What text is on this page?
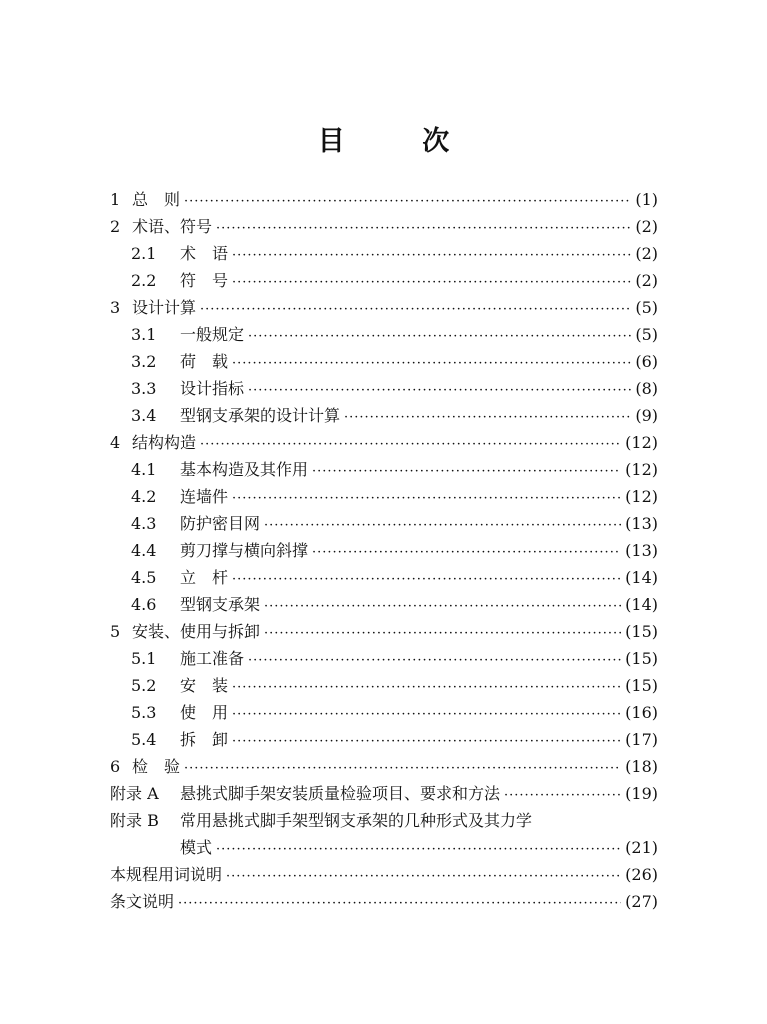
目 次
1 总　则 ·····	(1)
2 术语、符号 ·····	(2)
2.1	术　语 ·····	(2)
2.2	符　号 ·····	(2)
3 设计计算 ·····	(5)
3.1	一般规定 ·····	(5)
3.2	荷　载 ·····	(6)
3.3	设计指标 ·····	(8)
3.4	型钢支承架的设计计算 ·····	(9)
4 结构构造 ·····	(12)
4.1	基本构造及其作用 ·····	(12)
4.2	连墙件 ·····	(12)
4.3	防护密目网 ·····	(13)
4.4	剪刀撑与横向斜撑 ·····	(13)
4.5	立　杆 ·····	(14)
4.6	型钢支承架 ·····	(14)
5 安装、使用与拆卸 ·····	(15)
5.1	施工准备 ·····	(15)
5.2	安　装 ·····	(15)
5.3	使　用 ·····	(16)
5.4	拆　卸 ·····	(17)
6 检　验 ·····	(18)
附录 A	悬挑式脚手架安装质量检验项目、要求和方法 ·····	(19)
附录 B	常用悬挑式脚手架型钢支承架的几种形式及其力学
模式 ·····	(21)
本规程用词说明 ·····	(26)
条文说明 ·····	(27)
